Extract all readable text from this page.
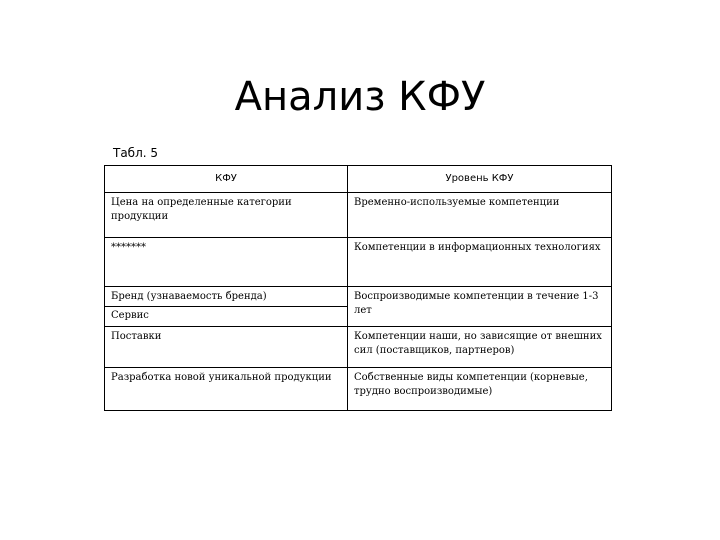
Анализ КФУ
Табл. 5
КФУ	Уровень КФУ
Цена на определенные категории продукции	Временно-используемые компетенции
*******	Компетенции в информационных технологиях
Бренд (узнаваемость бренда)	Воспроизводимые компетенции в течение 1-3 лет
Сервис	
Поставки	Компетенции наши, но зависящие от внешних сил (поставщиков, партнеров)
Разработка новой уникальной продукции	Собственные виды компетенции (корневые, трудно воспроизводимые)
